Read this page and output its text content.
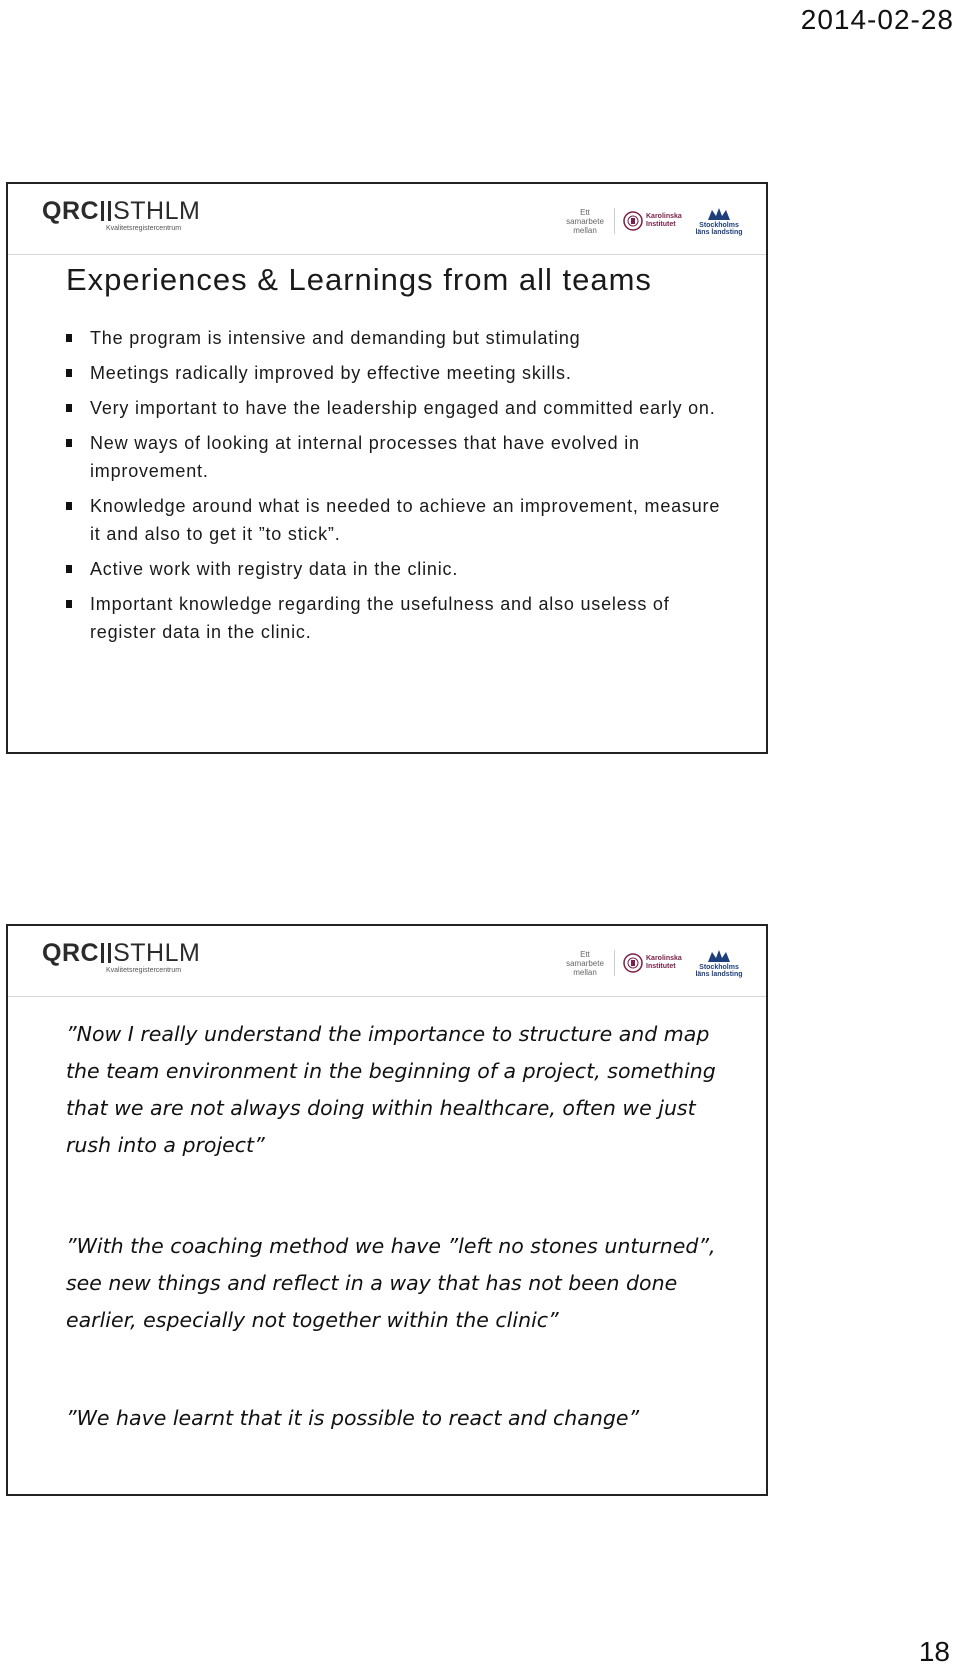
2014-02-28
QRC STHLM
Kvalitetsregistercentrum
Ett samarbete mellan
Karolinska Institutet	Stockholms läns landsting
Experiences & Learnings from all teams
The program is intensive and demanding but stimulating
Meetings radically improved by effective meeting skills.
Very important to have the leadership engaged and committed early on.
New ways of looking at internal processes that have evolved in improvement.
Knowledge around what is needed to achieve an improvement, measure it and also to get it ”to stick”.
Active work with registry data in the clinic.
Important knowledge regarding the usefulness and also useless of register data in the clinic.
QRC STHLM
Kvalitetsregistercentrum
Ett samarbete mellan
Karolinska Institutet	Stockholms läns landsting

”Now I really understand the importance to structure and map the team environment in the beginning of a project, something that we are not always doing within healthcare, often we just rush into a project”

”With the coaching method we have ”left no stones unturned”, see new things and reflect in a way that has not been done earlier, especially not together within the clinic”

”We have learnt that it is possible to react and change”

18
